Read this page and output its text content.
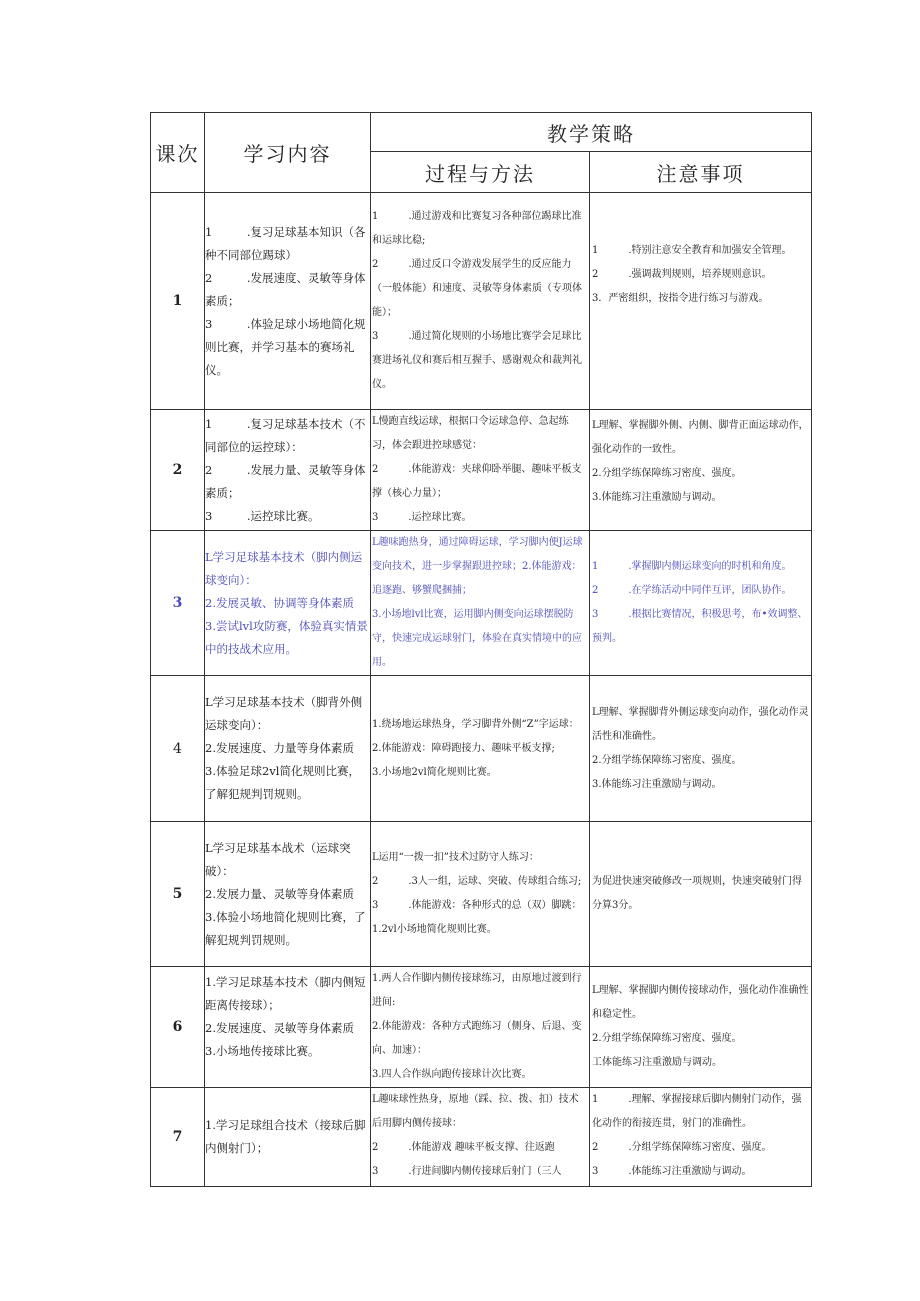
课次	学习内容	教学策略	
		过程与方法	注意事项
1	1　　　.复习足球基本知识（各种不同部位踢球）
2　　　.发展速度、灵敏等身体素质；
3　　　.体验足球小场地简化规则比赛，并学习基本的赛场礼仪。	1　　　.通过游戏和比赛复习各种部位踢球比准和运球比稳;
2　　　.通过反口令游戏发展学生的反应能力（一般体能）和速度、灵敏等身体素质（专项体能）；
3　　　.通过简化规则的小场地比赛学会足球比赛进场礼仪和赛后相互握手、感谢观众和裁判礼仪。	1　　　.特别注意安全教育和加强安全管理。
2　　　.强调裁判规则，培养规则意识。
3．严密组织，按指令进行练习与游戏。

2	1　　　.复习足球基本技术（不同部位的运控球）：
2　　　.发展力量、灵敏等身体素质；
3　　　.运控球比赛。	L慢跑直线运球，根据口令运球急停、急起练习，体会跟进控球感觉：
2　　　.体能游戏：夹球仰卧举腿、趣味平板支撑（核心力量）；
3　　　.运控球比赛。	L理解、掌握脚外侧、内侧、脚背正面运球动作，强化动作的一致性。
2.分组学练保障练习密度、强度。
3.体能练习注重激励与调动。

3	L学习足球基本技术（脚内侧运球变向）：
2.发展灵敏、协调等身体素质
3.尝试lvl攻防赛，体验真实情景中的技战术应用。	L趣味跑热身，通过障碍运球，学习脚内便J运球变向技术，进一步掌握跟进控球；2.体能游戏：追逐跑、够蟹爬捆捕；
3.小场地lvl比赛，运用脚内侧变向运球摆脱防守，快速完成运球射门，体验在真实情境中的应用。	1　　　.掌握脚内侧运球变向的时机和角度。
2　　　.在学练活动中同伴互评，团队协作。
3　　　.根据比赛情况，积极思考，布•效调整、预判。

4	L学习足球基本技术（脚背外侧运球变向）：
2.发展速度、力量等身体素质
3.体验足球2vl简化规则比赛，了解犯规判罚规则。	1.绕场地运球热身，学习脚背外侧“Z”字运球：
2.体能游戏：障碍跑接力、趣味平板支撑;
3.小场地2vl简化规则比赛。	L理解、掌握脚背外侧运球变向动作，强化动作灵活性和准确性。
2.分组学练保障练习密度、强度。
3.体能练习注重激励与调动。

5	L学习足球基本战术（运球突破）：
2.发展力量、灵敏等身体素质
3.体验小场地简化规则比赛，了解犯规判罚规则。	L运用“一拨一扣”技术过防守人练习：
2　　　.3人一组，运球、突破、传球组合练习;
3　　　.体能游戏：各种形式的总（双）脚跳：
1.2vl小场地简化规则比赛。	为促进快速突破修改一项规则，快速突破射门得分算3分。

6	1.学习足球基本技术（脚内侧短距离传接球）；
2.发展速度、灵敏等身体素质
3.小场地传接球比赛。	1.两人合作脚内侧传接球练习，由原地过渡到行进间:
2.体能游戏：各种方式跑练习（侧身、后退、变向、加速）：
3.四人合作纵向跑传接球计次比赛。	L理解、掌握脚内侧传接球动作，强化动作准确性和稳定性。
2.分组学练保障练习密度、强度。
工体能练习注重激励与调动。

7	1.学习足球组合技术（接球后脚内侧射门）；	L趣味球性热身，原地（踩、拉、拨、扣）技术后用脚内侧传接球：
2　　　.体能游戏 趣味平板支撑、往返跑
3　　　.行进间脚内侧传接球后射门（三人	1　　　.理解、掌握接球后脚内侧射门动作，强化动作的衔接连贯，射门的准确性。
2　　　.分组学练保障练习密度、强度。
3　　　.体能练习注重激励与调动。
